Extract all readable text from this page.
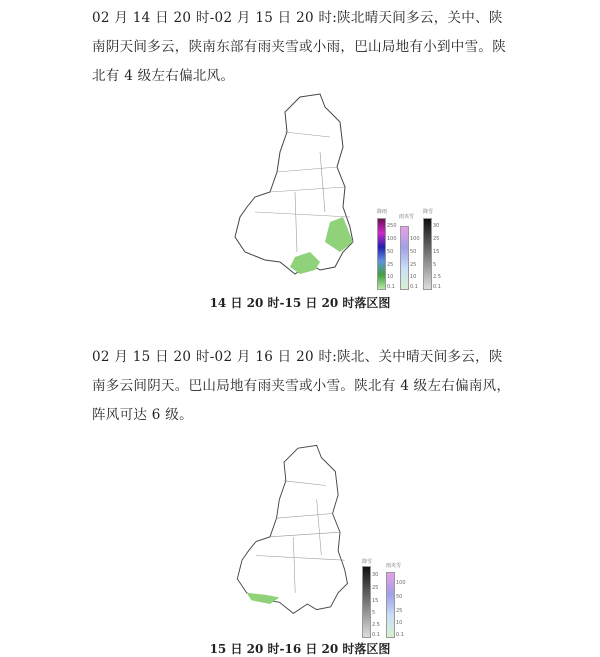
02 月 14 日 20 时-02 月 15 日 20 时:陕北晴天间多云，关中、陕南阴天间多云，陕南东部有雨夹雪或小雨，巴山局地有小到中雪。陕北有 4 级左右偏北风。
降雨
250
100
50
25
10
0.1
雨夹雪
100
50
25
10
0.1
降雪
30
25
15
5
2.5
0.1
14 日 20 时-15 日 20 时落区图
02 月 15 日 20 时-02 月 16 日 20 时:陕北、关中晴天间多云，陕南多云间阴天。巴山局地有雨夹雪或小雪。陕北有 4 级左右偏南风，阵风可达 6 级。
降雪
30
25
15
5
2.5
0.1
雨夹雪
100
50
25
10
0.1
15 日 20 时-16 日 20 时落区图
